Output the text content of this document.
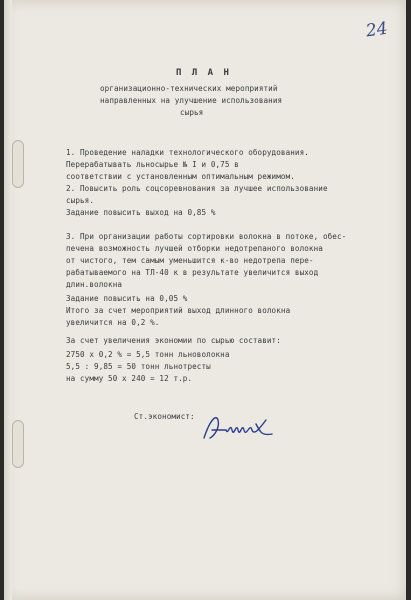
24
П Л А Н
организационно-технических мероприятий
направленных на улучшение использования
сырья
1. Проведение наладки технологического оборудования.
Перерабатывать льносырье № I и 0,75 в
соответствии с установленным оптимальным режимом.
2. Повысить роль соцсоревнования за лучшее использование
сырья.
Задание повысить выход на 0,85 %
3. При организации работы сортировки волокна в потоке, обес-
печена возможность лучшей отборки недотрепаного волокна
от чистого, тем самым уменьшится к-во недотрепа пере-
рабатываемого на ТЛ-40 к в результате увеличится выход
длин.волокна
Задание повысить на 0,05 %
Итого за счет мероприятий выход длинного волокна
увеличится на 0,2 %.
За счет увеличения экономии по сырью составит:
2750 х 0,2 % = 5,5 тонн льноволокна
5,5 : 9,85 = 50 тонн льнотресты
на сумму 50 х 240 = 12 т.р.
Ст.экономист:
